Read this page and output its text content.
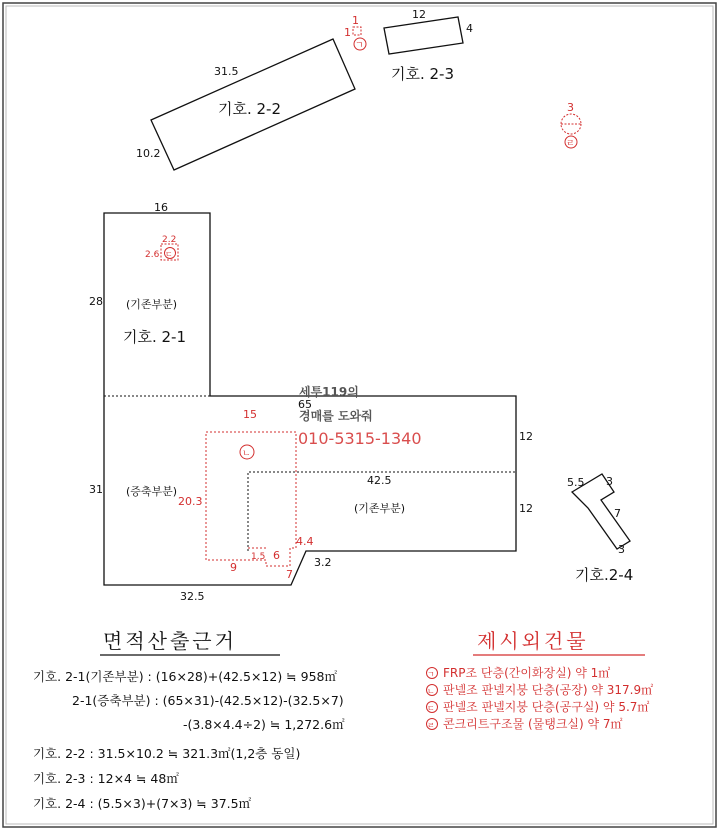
기호. 2-2
31.5
10.2
12
4
기호. 2-3
1
1
ㄱ
3
ㄹ
16
28
31
65
12
12
42.5
32.5
3.2
(기존부분)
기호. 2-1
(증축부분)
(기존부분)
2.2
2.6 ㄷ
ㄴ
15
20.3
9
1.5 6
4.4
7
세투119의
경매를 도와줘
010-5315-1340
5.5 3
7
3
기호.2-4
면적산출근거
기호. 2-1(기존부분) : (16×28)+(42.5×12) ≒ 958㎡
2-1(증축부분) : (65×31)-(42.5×12)-(32.5×7)
-(3.8×4.4÷2) ≒ 1,272.6㎡
기호. 2-2 : 31.5×10.2 ≒ 321.3㎡(1,2층 동일)
기호. 2-3 : 12×4 ≒ 48㎡
기호. 2-4 : (5.5×3)+(7×3) ≒ 37.5㎡
제시외건물
ㄱ FRP조 단층(간이화장실) 약 1㎡
ㄴ 판넬조 판넬지붕 단층(공장) 약 317.9㎡
ㄷ 판넬조 판넬지붕 단층(공구실) 약 5.7㎡
ㄹ 콘크리트구조물 (물탱크실) 약 7㎡
